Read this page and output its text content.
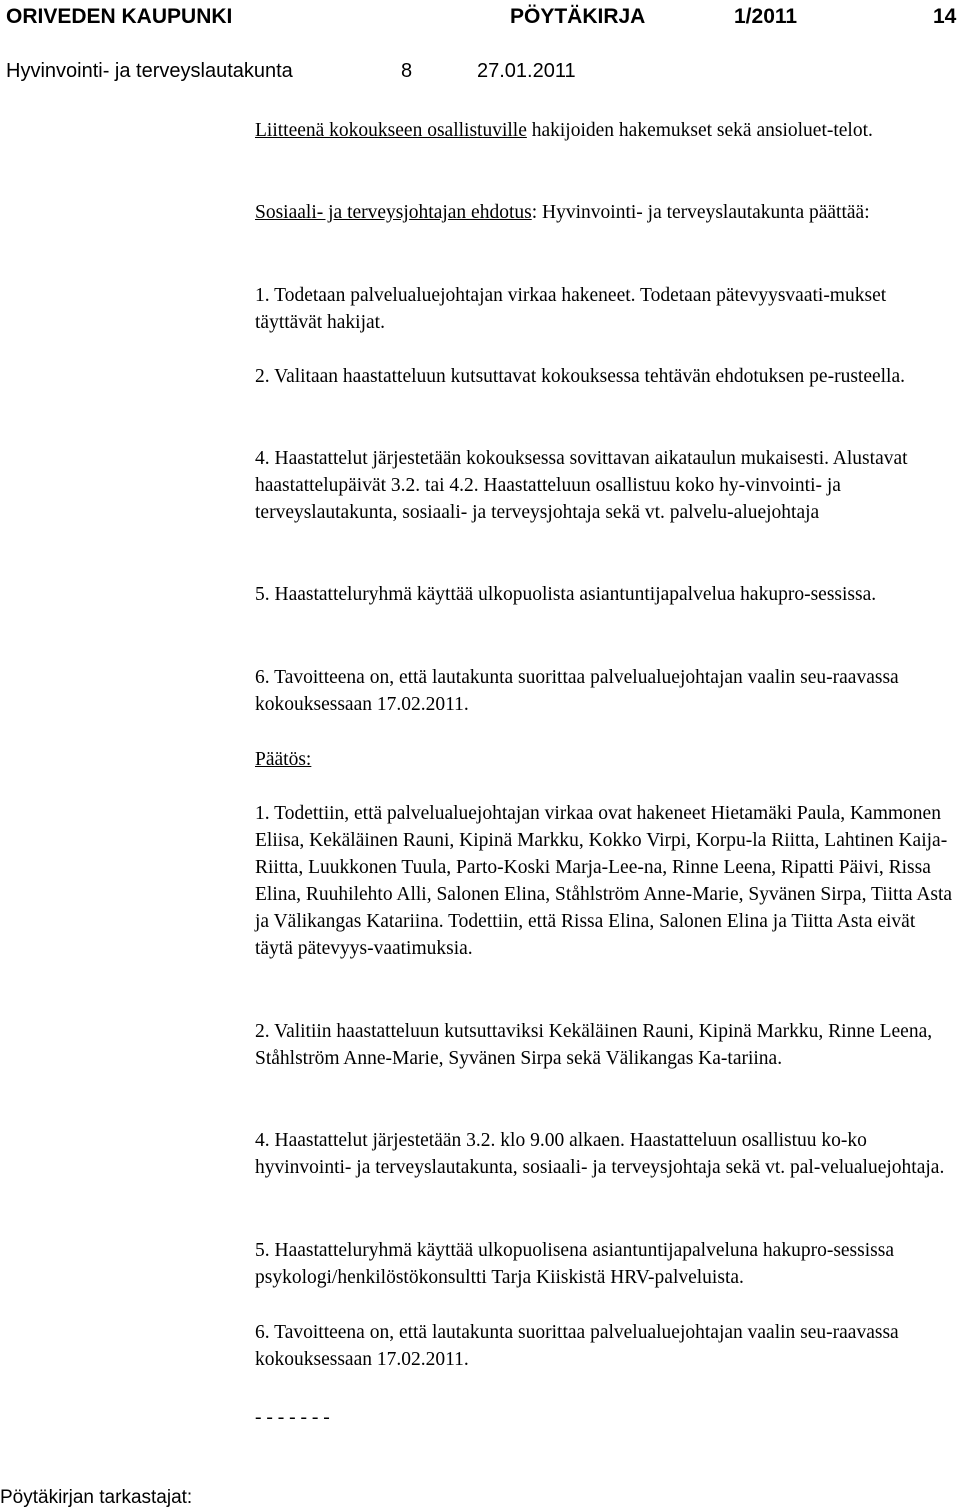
ORIVEDEN KAUPUNKI	PÖYTÄKIRJA	1/2011	14
Hyvinvointi- ja terveyslautakunta	8	27.01.2011
Liitteenä kokoukseen osallistuville hakijoiden hakemukset sekä ansioluet-telot.
Sosiaali- ja terveysjohtajan ehdotus: Hyvinvointi- ja terveyslautakunta päättää:
1. Todetaan palvelualuejohtajan virkaa hakeneet. Todetaan pätevyysvaati-mukset täyttävät hakijat.
2. Valitaan haastatteluun kutsuttavat kokouksessa tehtävän ehdotuksen pe-rusteella.
4. Haastattelut järjestetään kokouksessa sovittavan aikataulun mukaisesti. Alustavat haastattelupäivät 3.2. tai 4.2. Haastatteluun osallistuu koko hy-vinvointi- ja terveyslautakunta, sosiaali- ja terveysjohtaja sekä vt. palvelu-aluejohtaja
5. Haastatteluryhmä käyttää ulkopuolista asiantuntijapalvelua hakupro-sessissa.
6. Tavoitteena on, että lautakunta suorittaa palvelualuejohtajan vaalin seu-raavassa kokouksessaan 17.02.2011.
Päätös:
1. Todettiin, että palvelualuejohtajan virkaa ovat hakeneet Hietamäki Paula, Kammonen Eliisa, Kekäläinen Rauni, Kipinä Markku, Kokko Virpi, Korpu-la Riitta, Lahtinen Kaija-Riitta, Luukkonen Tuula, Parto-Koski Marja-Lee-na, Rinne Leena, Ripatti Päivi, Rissa Elina, Ruuhilehto Alli, Salonen Elina, Ståhlström Anne-Marie, Syvänen Sirpa, Tiitta Asta ja Välikangas Katariina. Todettiin, että Rissa Elina, Salonen Elina ja Tiitta Asta eivät täytä pätevyys-vaatimuksia.
2. Valitiin haastatteluun kutsuttaviksi Kekäläinen Rauni, Kipinä Markku, Rinne Leena, Ståhlström Anne-Marie, Syvänen Sirpa sekä Välikangas Ka-tariina.
4. Haastattelut järjestetään 3.2. klo 9.00 alkaen. Haastatteluun osallistuu ko-ko hyvinvointi- ja terveyslautakunta, sosiaali- ja terveysjohtaja sekä vt. pal-velualuejohtaja.
5. Haastatteluryhmä käyttää ulkopuolisena asiantuntijapalveluna hakupro-sessissa psykologi/henkilöstökonsultti Tarja Kiiskistä HRV-palveluista.
6. Tavoitteena on, että lautakunta suorittaa palvelualuejohtajan vaalin seu-raavassa kokouksessaan 17.02.2011.
- - - - - - -
Pöytäkirjan tarkastajat:
